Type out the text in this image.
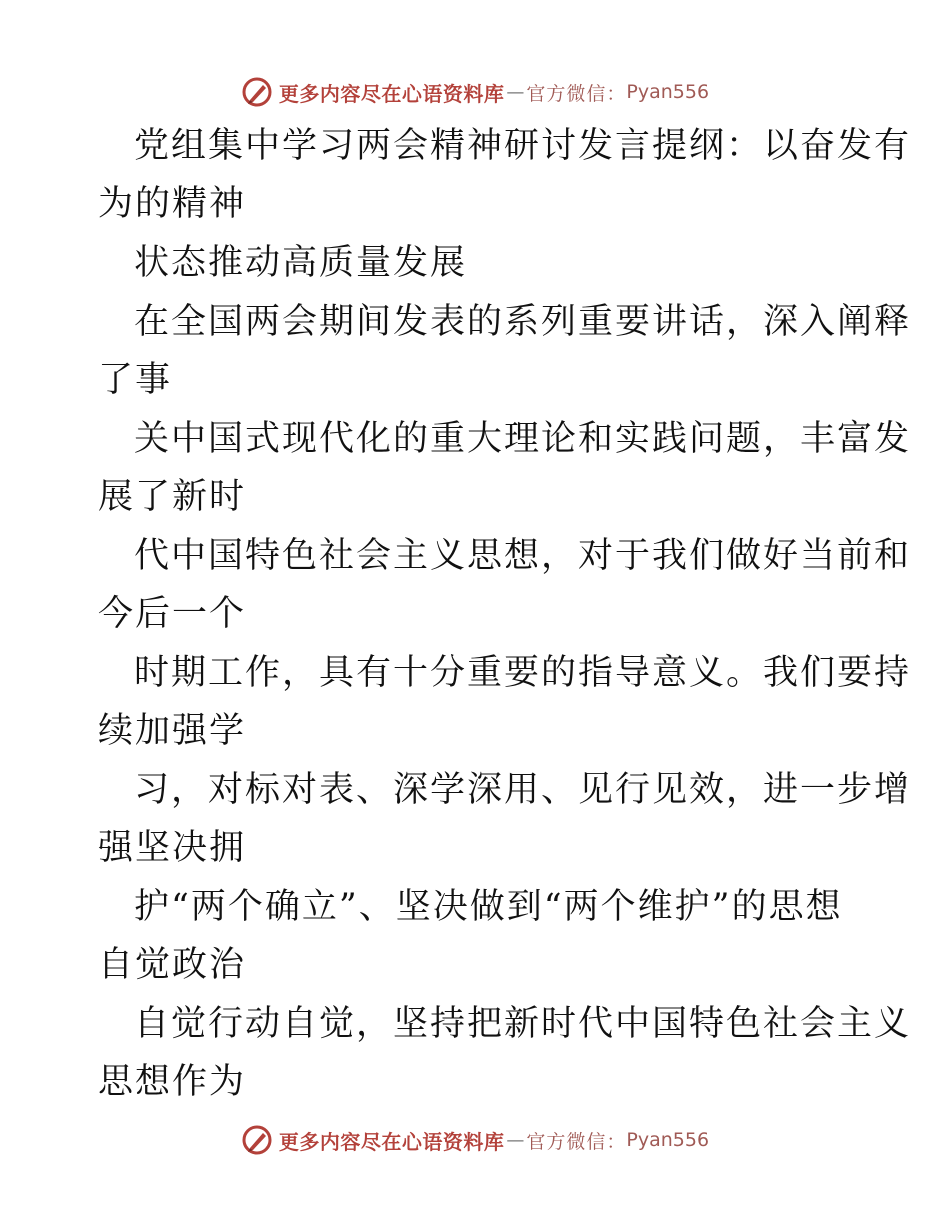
更多内容尽在心语资料库 — 官方微信： Pyan556
党组集中学习两会精神研讨发言提纲：以奋发有
为的精神
状态推动高质量发展
在全国两会期间发表的系列重要讲话，深入阐释
了事
关中国式现代化的重大理论和实践问题，丰富发
展了新时
代中国特色社会主义思想，对于我们做好当前和
今后一个
时期工作，具有十分重要的指导意义。我们要持
续加强学
习，对标对表、深学深用、见行见效，进一步增
强坚决拥
护“两个确立”、坚决做到“两个维护”的思想
自觉政治
自觉行动自觉，坚持把新时代中国特色社会主义
思想作为
更多内容尽在心语资料库 — 官方微信： Pyan556
